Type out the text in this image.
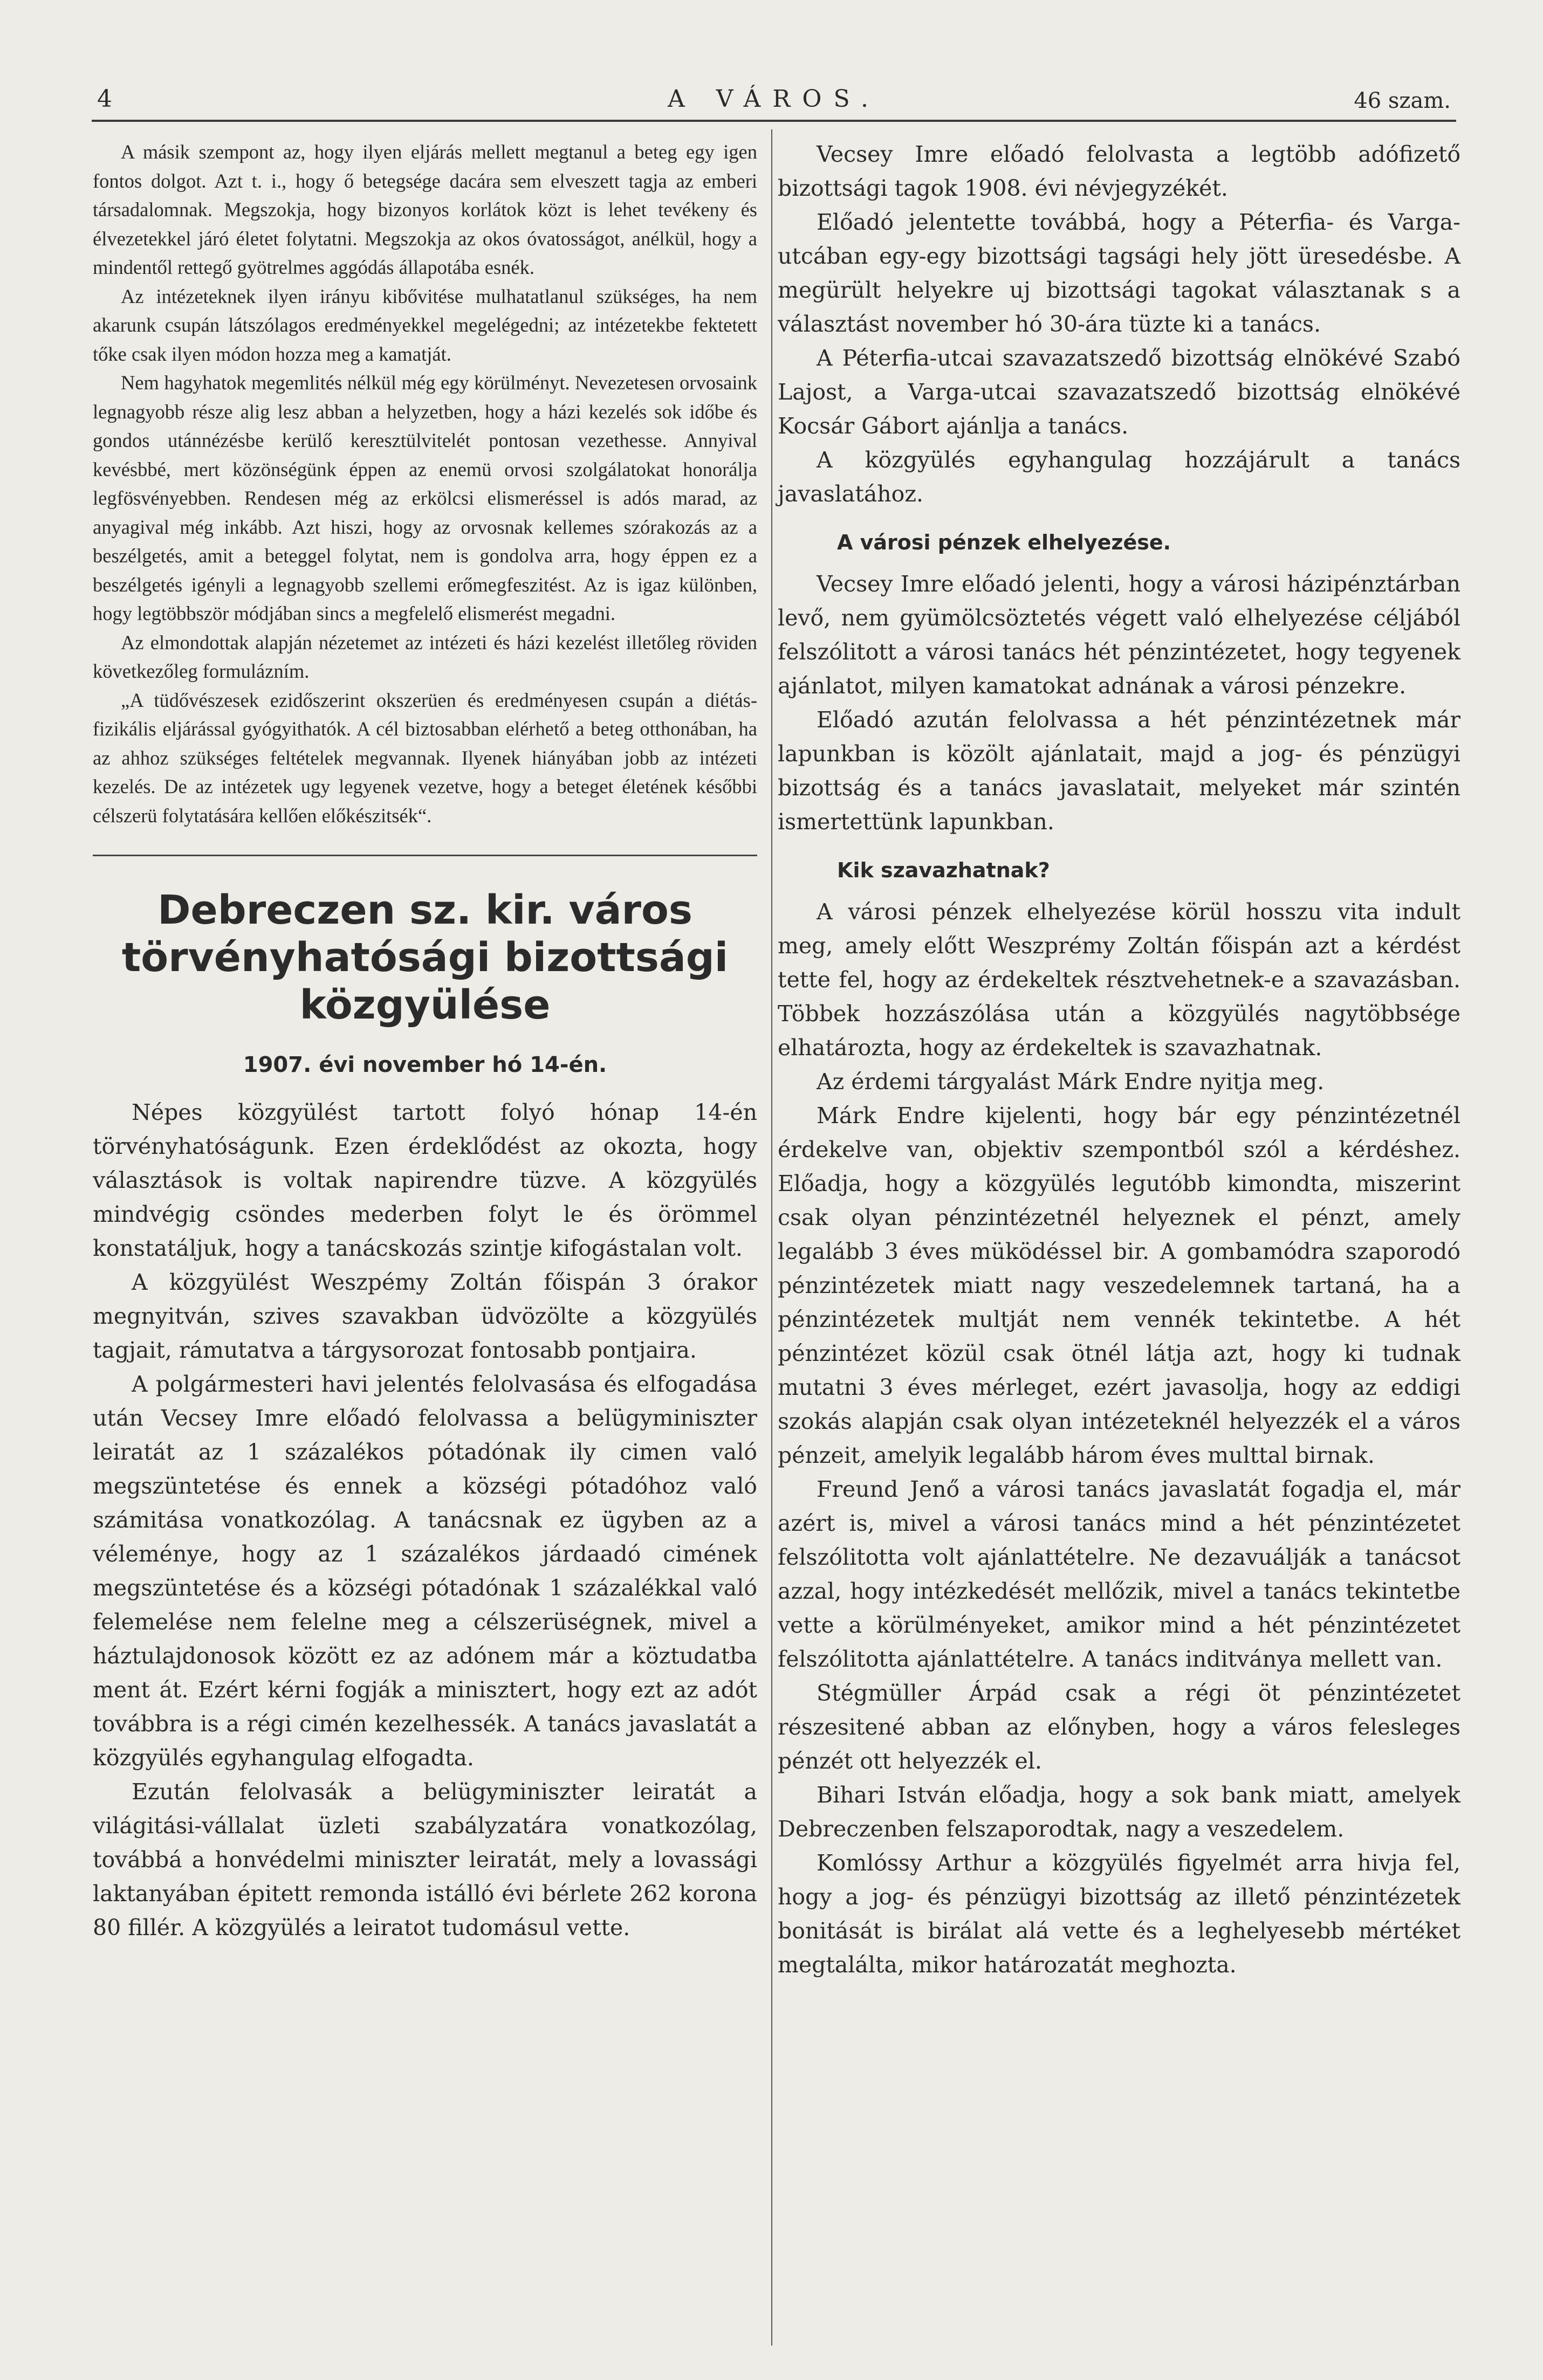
4	A VÁROS.	46 szam.

A másik szempont az, hogy ilyen eljárás mellett megtanul a beteg egy igen fontos dolgot. Azt t. i., hogy ő betegsége dacára sem elveszett tagja az emberi társadalomnak. Megszokja, hogy bizonyos korlátok közt is lehet tevékeny és élvezetekkel járó életet folytatni. Megszokja az okos óvatosságot, anélkül, hogy a mindentől rettegő gyötrelmes aggódás állapotába esnék.

Az intézeteknek ilyen irányu kibővitése mulhatatlanul szükséges, ha nem akarunk csupán látszólagos eredményekkel megelégedni; az intézetekbe fektetett tőke csak ilyen módon hozza meg a kamatját.

Nem hagyhatok megemlités nélkül még egy körülményt. Nevezetesen orvosaink legnagyobb része alig lesz abban a helyzetben, hogy a házi kezelés sok időbe és gondos utánnézésbe kerülő keresztülvitelét pontosan vezethesse. Annyival kevésbbé, mert közönségünk éppen az enemü orvosi szolgálatokat honorálja legfösvényebben. Rendesen még az erkölcsi elismeréssel is adós marad, az anyagival még inkább. Azt hiszi, hogy az orvosnak kellemes szórakozás az a beszélgetés, amit a beteggel folytat, nem is gondolva arra, hogy éppen ez a beszélgetés igényli a legnagyobb szellemi erőmegfeszitést. Az is igaz különben, hogy legtöbbször módjában sincs a megfelelő elismerést megadni.

Az elmondottak alapján nézetemet az intézeti és házi kezelést illetőleg röviden következőleg formulázním.

„A tüdővészesek ezidőszerint okszerüen és eredményesen csupán a diétás-fizikális eljárással gyógyithatók. A cél biztosabban elérhető a beteg otthonában, ha az ahhoz szükséges feltételek megvannak. Ilyenek hiányában jobb az intézeti kezelés. De az intézetek ugy legyenek vezetve, hogy a beteget életének későbbi célszerü folytatására kellően előkészitsék“.

Debreczen sz. kir. város törvényhatósági bizottsági közgyülése
1907. évi november hó 14-én.

Népes közgyülést tartott folyó hónap 14-én törvényhatóságunk. Ezen érdeklődést az okozta, hogy választások is voltak napirendre tüzve. A közgyülés mindvégig csöndes mederben folyt le és örömmel konstatáljuk, hogy a tanácskozás szintje kifogástalan volt.

A közgyülést Weszpémy Zoltán főispán 3 órakor megnyitván, szives szavakban üdvözölte a közgyülés tagjait, rámutatva a tárgysorozat fontosabb pontjaira.

A polgármesteri havi jelentés felolvasása és elfogadása után Vecsey Imre előadó felolvassa a belügyminiszter leiratát az 1 százalékos pótadónak ily cimen való megszüntetése és ennek a községi pótadóhoz való számitása vonatkozólag. A tanácsnak ez ügyben az a véleménye, hogy az 1 százalékos járdaadó cimének megszüntetése és a községi pótadónak 1 százalékkal való felemelése nem felelne meg a célszerüségnek, mivel a háztulajdonosok között ez az adónem már a köztudatba ment át. Ezért kérni fogják a minisztert, hogy ezt az adót továbbra is a régi cimén kezelhessék. A tanács javaslatát a közgyülés egyhangulag elfogadta.

Ezután felolvasák a belügyminiszter leiratát a világitási-vállalat üzleti szabályzatára vonatkozólag, továbbá a honvédelmi miniszter leiratát, mely a lovassági laktanyában épitett remonda istálló évi bérlete 262 korona 80 fillér. A közgyülés a leiratot tudomásul vette.

Vecsey Imre előadó felolvasta a legtöbb adófizető bizottsági tagok 1908. évi névjegyzékét.

Előadó jelentette továbbá, hogy a Péterfia- és Varga-utcában egy-egy bizottsági tagsági hely jött üresedésbe. A megürült helyekre uj bizottsági tagokat választanak s a választást november hó 30-ára tüzte ki a tanács.

A Péterfia-utcai szavazatszedő bizottság elnökévé Szabó Lajost, a Varga-utcai szavazatszedő bizottság elnökévé Kocsár Gábort ajánlja a tanács.

A közgyülés egyhangulag hozzájárult a tanács javaslatához.

A városi pénzek elhelyezése.

Vecsey Imre előadó jelenti, hogy a városi házipénztárban levő, nem gyümölcsöztetés végett való elhelyezése céljából felszólitott a városi tanács hét pénzintézetet, hogy tegyenek ajánlatot, milyen kamatokat adnának a városi pénzekre.

Előadó azután felolvassa a hét pénzintézetnek már lapunkban is közölt ajánlatait, majd a jog- és pénzügyi bizottság és a tanács javaslatait, melyeket már szintén ismertettünk lapunkban.

Kik szavazhatnak?

A városi pénzek elhelyezése körül hosszu vita indult meg, amely előtt Weszprémy Zoltán főispán azt a kérdést tette fel, hogy az érdekeltek résztvehetnek-e a szavazásban. Többek hozzászólása után a közgyülés nagytöbbsége elhatározta, hogy az érdekeltek is szavazhatnak.

Az érdemi tárgyalást Márk Endre nyitja meg.

Márk Endre kijelenti, hogy bár egy pénzintézetnél érdekelve van, objektiv szempontból szól a kérdéshez. Előadja, hogy a közgyülés legutóbb kimondta, miszerint csak olyan pénzintézetnél helyeznek el pénzt, amely legalább 3 éves müködéssel bir. A gombamódra szaporodó pénzintézetek miatt nagy veszedelemnek tartaná, ha a pénzintézetek multját nem vennék tekintetbe. A hét pénzintézet közül csak ötnél látja azt, hogy ki tudnak mutatni 3 éves mérleget, ezért javasolja, hogy az eddigi szokás alapján csak olyan intézeteknél helyezzék el a város pénzeit, amelyik legalább három éves multtal birnak.

Freund Jenő a városi tanács javaslatát fogadja el, már azért is, mivel a városi tanács mind a hét pénzintézetet felszólitotta volt ajánlattételre. Ne dezavuálják a tanácsot azzal, hogy intézkedését mellőzik, mivel a tanács tekintetbe vette a körülményeket, amikor mind a hét pénzintézetet felszólitotta ajánlattételre. A tanács inditványa mellett van.

Stégmüller Árpád csak a régi öt pénzintézetet részesitené abban az előnyben, hogy a város felesleges pénzét ott helyezzék el.

Bihari István előadja, hogy a sok bank miatt, amelyek Debreczenben felszaporodtak, nagy a veszedelem.

Komlóssy Arthur a közgyülés figyelmét arra hivja fel, hogy a jog- és pénzügyi bizottság az illető pénzintézetek bonitását is birálat alá vette és a leghelyesebb mértéket megtalálta, mikor határozatát meghozta.
